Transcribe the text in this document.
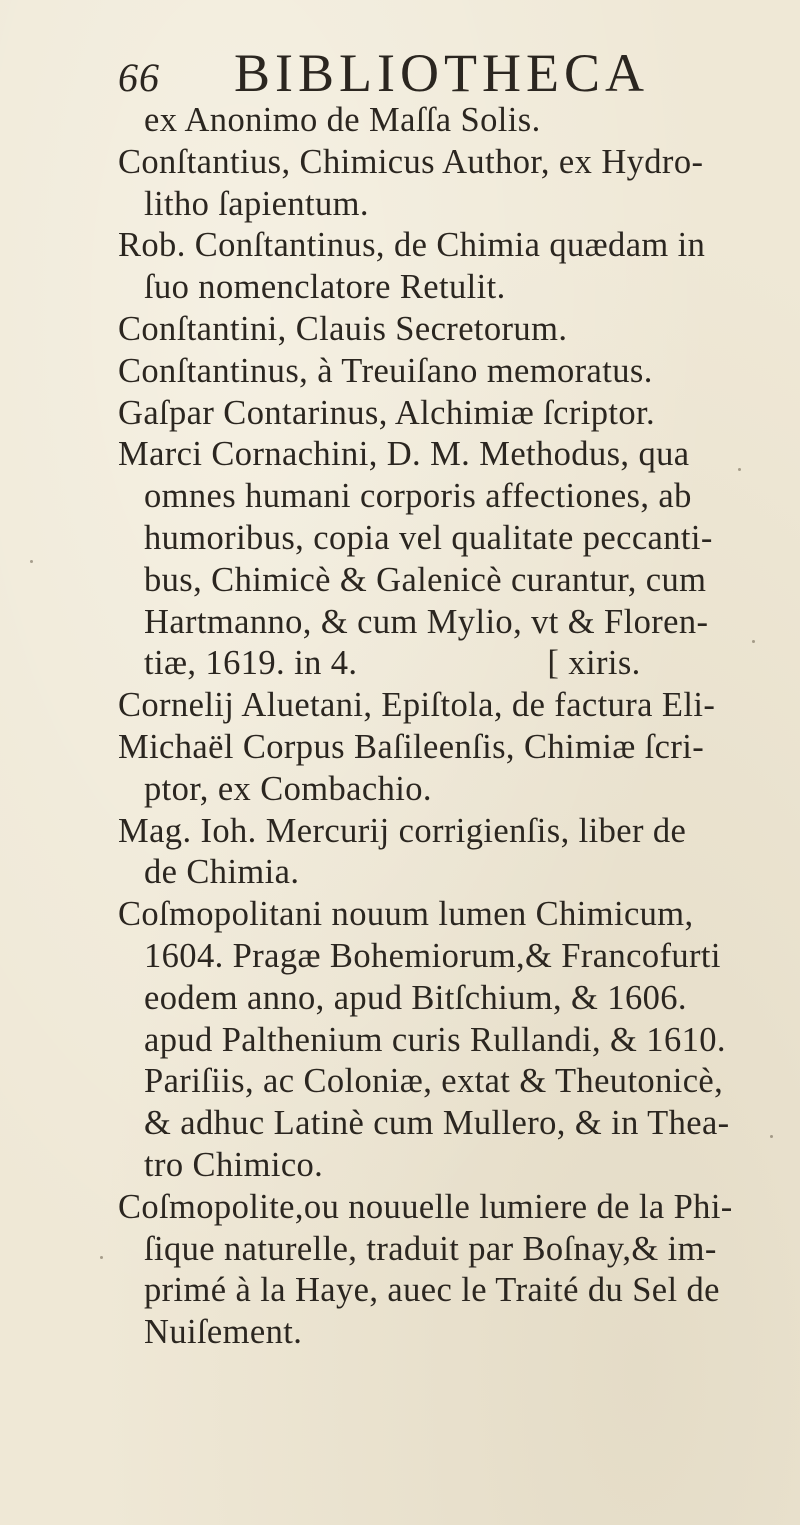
66	BIBLIOTHECA
ex Anonimo de Maſſa Solis.
Conſtantius, Chimicus Author, ex Hydro-
litho ſapientum.
Rob. Conſtantinus, de Chimia quædam in
ſuo nomenclatore Retulit.
Conſtantini, Clauis Secretorum.
Conſtantinus, à Treuiſano memoratus.
Gaſpar Contarinus, Alchimiæ ſcriptor.
Marci Cornachini, D. M. Methodus, qua
omnes humani corporis affectiones, ab
humoribus, copia vel qualitate peccanti-
bus, Chimicè & Galenicè curantur, cum
Hartmanno, & cum Mylio, vt & Floren-
tiæ, 1619. in 4.	[ xiris.
Cornelij Aluetani, Epiſtola, de factura Eli-
Michaël Corpus Baſileenſis, Chimiæ ſcri-
ptor, ex Combachio.
Mag. Ioh. Mercurij corrigienſis, liber de
de Chimia.
Coſmopolitani nouum lumen Chimicum,
1604. Pragæ Bohemiorum,& Francofurti
eodem anno, apud Bitſchium, & 1606.
apud Palthenium curis Rullandi, & 1610.
Pariſiis, ac Coloniæ, extat & Theutonicè,
& adhuc Latinè cum Mullero, & in Thea-
tro Chimico.
Coſmopolite,ou nouuelle lumiere de la Phi-
ſique naturelle, traduit par Boſnay,& im-
primé à la Haye, auec le Traité du Sel de
Nuiſement.
